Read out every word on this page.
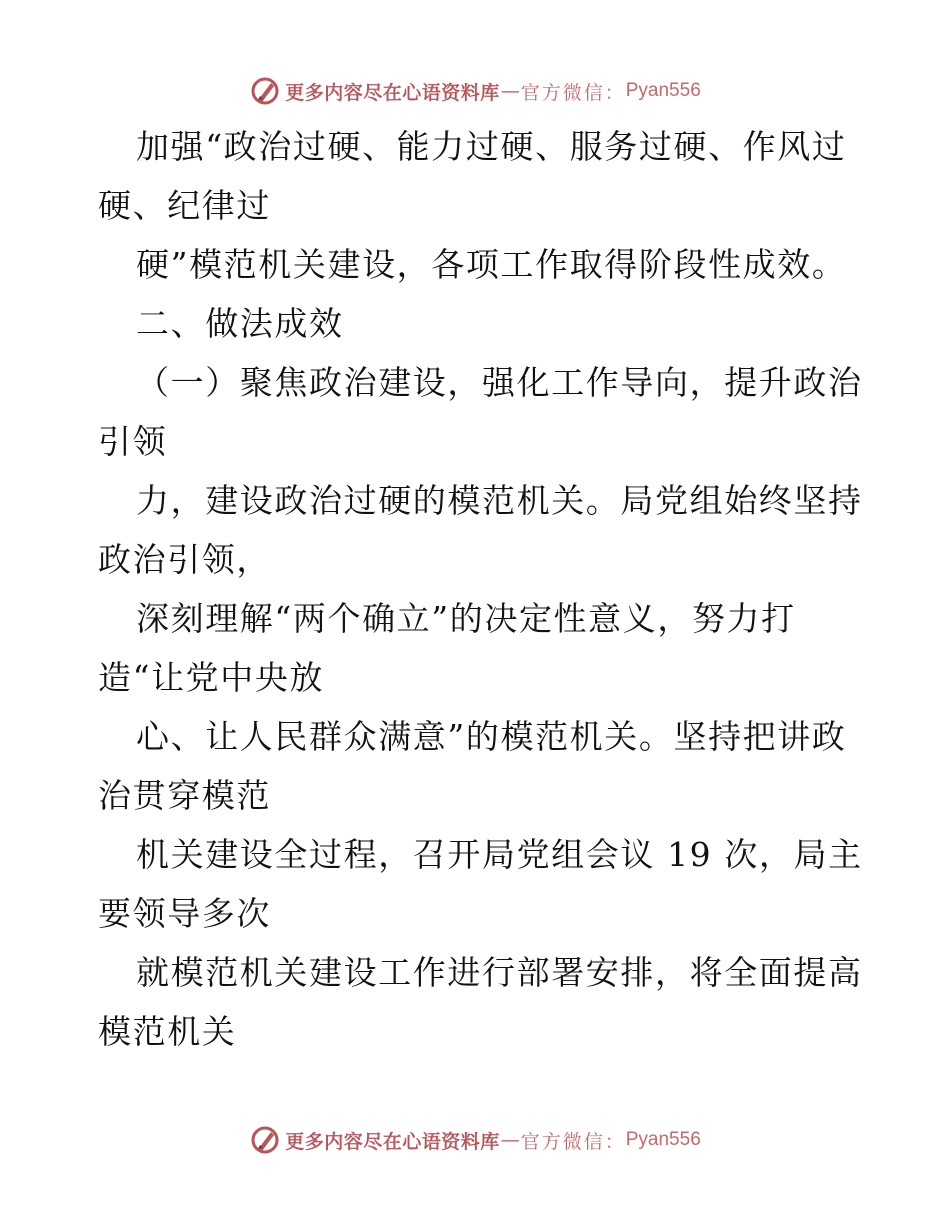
更多内容尽在心语资料库 — 官方微信： Pyan556
加强“政治过硬、能力过硬、服务过硬、作风过
硬、纪律过
硬”模范机关建设，各项工作取得阶段性成效。
二、做法成效
（一）聚焦政治建设，强化工作导向，提升政治
引领
力，建设政治过硬的模范机关。局党组始终坚持
政治引领，
深刻理解“两个确立”的决定性意义，努力打
造“让党中央放
心、让人民群众满意”的模范机关。坚持把讲政
治贯穿模范
机关建设全过程，召开局党组会议 19 次，局主
要领导多次
就模范机关建设工作进行部署安排，将全面提高
模范机关
更多内容尽在心语资料库 — 官方微信： Pyan556
